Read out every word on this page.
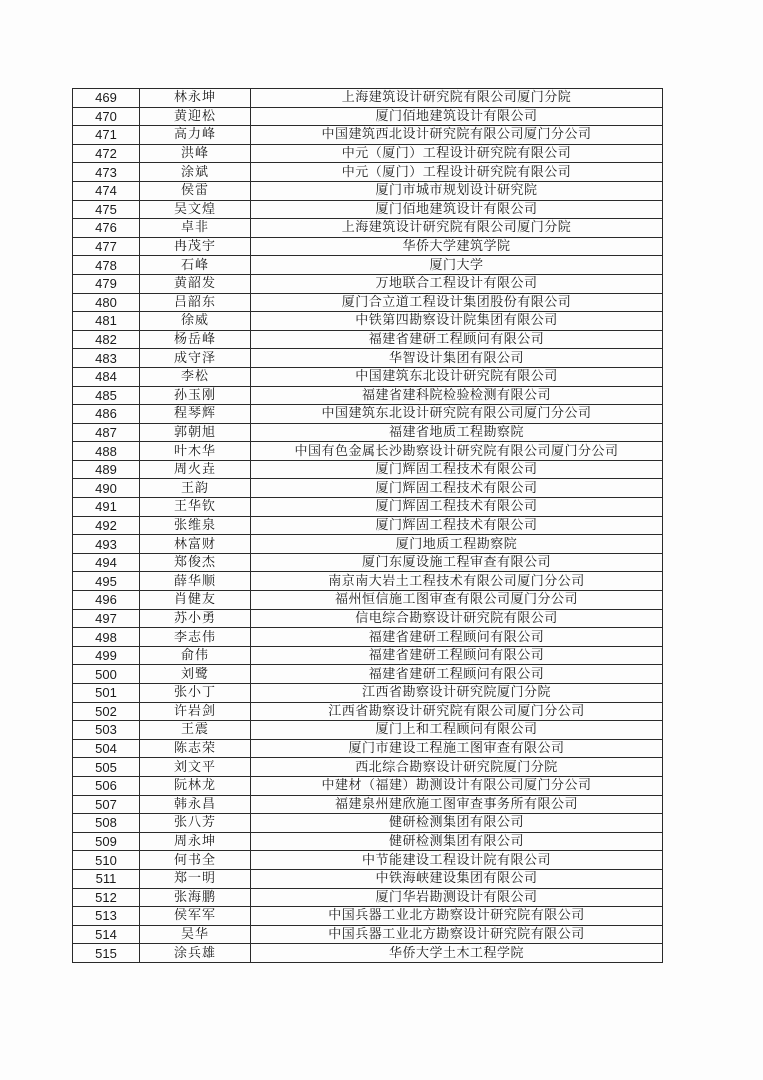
469	林永坤	上海建筑设计研究院有限公司厦门分院
470	黄迎松	厦门佰地建筑设计有限公司
471	高力峰	中国建筑西北设计研究院有限公司厦门分公司
472	洪峰	中元（厦门）工程设计研究院有限公司
473	涂斌	中元（厦门）工程设计研究院有限公司
474	侯雷	厦门市城市规划设计研究院
475	吴文煌	厦门佰地建筑设计有限公司
476	卓非	上海建筑设计研究院有限公司厦门分院
477	冉茂宇	华侨大学建筑学院
478	石峰	厦门大学
479	黄韶发	万地联合工程设计有限公司
480	吕韶东	厦门合立道工程设计集团股份有限公司
481	徐威	中铁第四勘察设计院集团有限公司
482	杨岳峰	福建省建研工程顾问有限公司
483	成守泽	华智设计集团有限公司
484	李松	中国建筑东北设计研究院有限公司
485	孙玉刚	福建省建科院检验检测有限公司
486	程琴辉	中国建筑东北设计研究院有限公司厦门分公司
487	郭朝旭	福建省地质工程勘察院
488	叶木华	中国有色金属长沙勘察设计研究院有限公司厦门分公司
489	周火垚	厦门辉固工程技术有限公司
490	王韵	厦门辉固工程技术有限公司
491	王华钦	厦门辉固工程技术有限公司
492	张维泉	厦门辉固工程技术有限公司
493	林富财	厦门地质工程勘察院
494	郑俊杰	厦门东厦设施工程审查有限公司
495	薛华顺	南京南大岩土工程技术有限公司厦门分公司
496	肖健友	福州恒信施工图审查有限公司厦门分公司
497	苏小勇	信电综合勘察设计研究院有限公司
498	李志伟	福建省建研工程顾问有限公司
499	俞伟	福建省建研工程顾问有限公司
500	刘鹭	福建省建研工程顾问有限公司
501	张小丁	江西省勘察设计研究院厦门分院
502	许岩剑	江西省勘察设计研究院有限公司厦门分公司
503	王震	厦门上和工程顾问有限公司
504	陈志荣	厦门市建设工程施工图审查有限公司
505	刘文平	西北综合勘察设计研究院厦门分院
506	阮林龙	中建材（福建）勘测设计有限公司厦门分公司
507	韩永昌	福建泉州建欣施工图审查事务所有限公司
508	张八芳	健研检测集团有限公司
509	周永坤	健研检测集团有限公司
510	何书全	中节能建设工程设计院有限公司
511	郑一明	中铁海峡建设集团有限公司
512	张海鹏	厦门华岩勘测设计有限公司
513	侯军军	中国兵器工业北方勘察设计研究院有限公司
514	吴华	中国兵器工业北方勘察设计研究院有限公司
515	涂兵雄	华侨大学土木工程学院
